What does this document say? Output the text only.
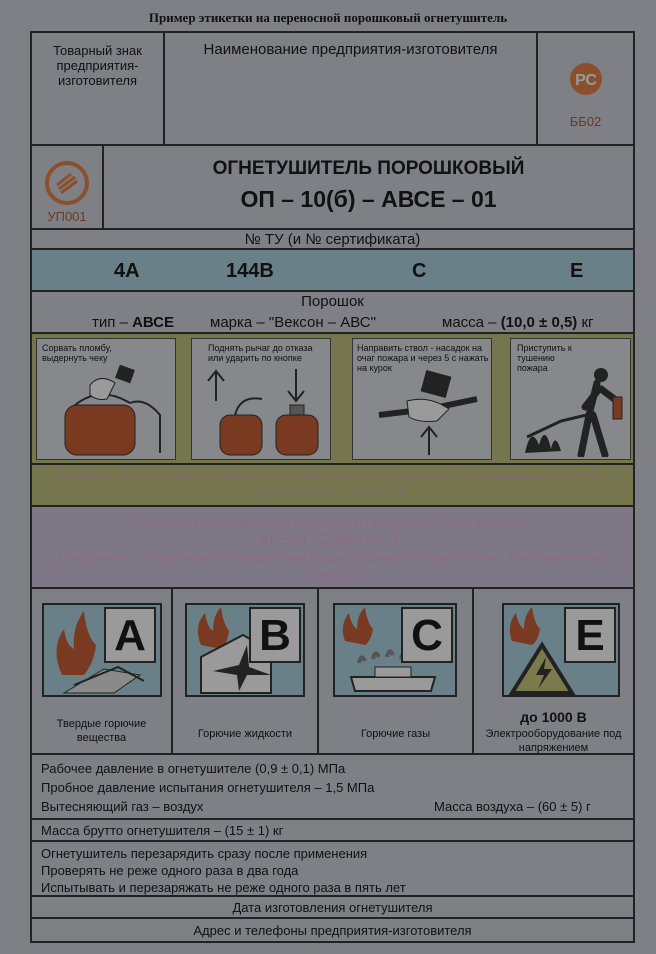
Пример этикетки на переносной порошковый огнетушитель
Товарный знак предприятия-изготовителя
Наименование предприятия-изготовителя
РС
ББ02
УП001
ОГНЕТУШИТЕЛЬ ПОРОШКОВЫЙ
ОП – 10(б) – АВСЕ – 01
№ ТУ (и № сертификата)
4А	144В	С	Е
Порошок
тип – АВСЕ марка – "Вексон – АВС"	масса – (10,0 ± 0,5) кг
Сорвать пломбу, выдернуть чеку
Поднять рычаг до отказа или ударить по кнопке
Направить ствол - насадок на очаг пожара и через 5 с нажать на курок
Приступить к тушению пожара
Внимание! Огнетушитель пригоден для тушения электрооборудования под напряжением до 1000 В с расстояния не менее 1 м
Температурный диапазон хранения и применения огнетушителя:
от −50 °С до +50 °С
Предохранять огнетушитель от воздействия осадков, прямых солнечных лучей и нагревательных приборов
А
Твердые горючие вещества
В
Горючие жидкости
С
Горючие газы
Е
до 1000 В
Электрооборудование под напряжением
Рабочее давление в огнетушителе (0,9 ± 0,1) МПа
Пробное давление испытания огнетушителя – 1,5 МПа
Вытесняющий газ – воздух	Масса воздуха – (60 ± 5) г
Масса брутто огнетушителя – (15 ± 1) кг
Огнетушитель перезарядить сразу после применения
Проверять не реже одного раза в два года
Испытывать и перезаряжать не реже одного раза в пять лет
Дата изготовления огнетушителя
Адрес и телефоны предприятия-изготовителя
